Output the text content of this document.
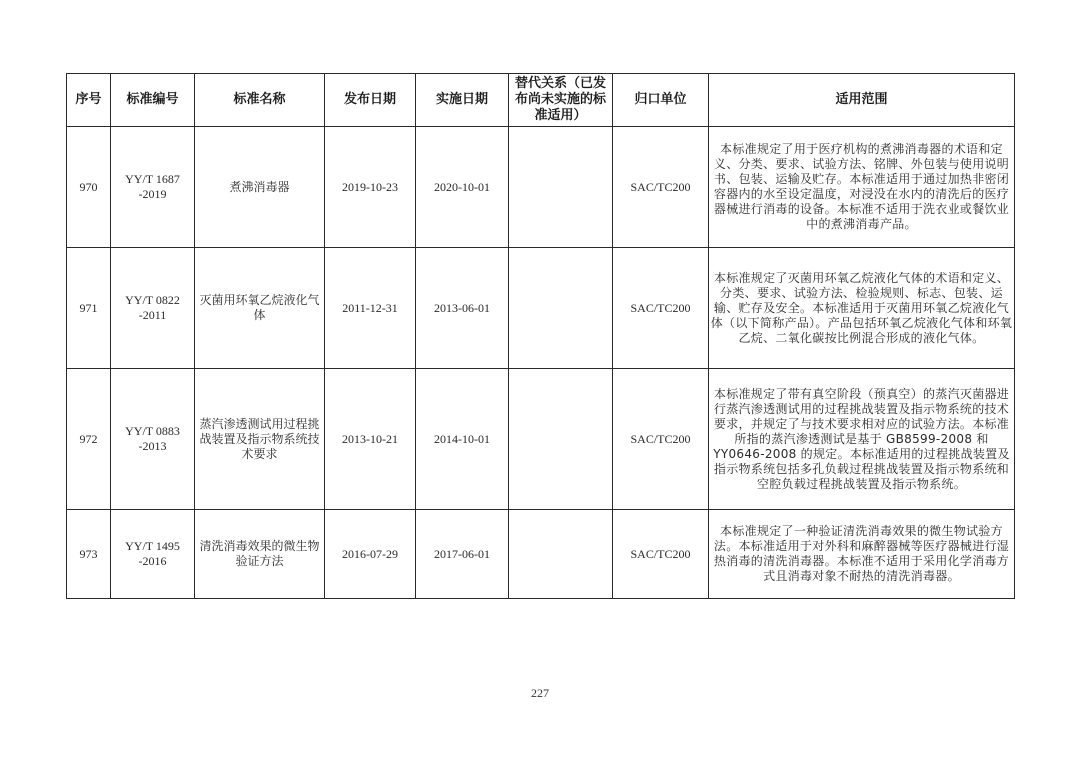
序号	标准编号	标准名称	发布日期	实施日期	替代关系（已发布尚未实施的标准适用）	归口单位	适用范围
970	YY/T 1687 -2019	煮沸消毒器	2019-10-23	2020-10-01		SAC/TC200	本标准规定了用于医疗机构的煮沸消毒器的术语和定义、分类、要求、试验方法、铭牌、外包装与使用说明书、包装、运输及贮存。本标准适用于通过加热非密闭容器内的水至设定温度，对浸没在水内的清洗后的医疗器械进行消毒的设备。本标准不适用于洗衣业或餐饮业中的煮沸消毒产品。
971	YY/T 0822 -2011	灭菌用环氧乙烷液化气体	2011-12-31	2013-06-01		SAC/TC200	本标准规定了灭菌用环氧乙烷液化气体的术语和定义、分类、要求、试验方法、检验规则、标志、包装、运输、贮存及安全。本标准适用于灭菌用环氧乙烷液化气体（以下简称产品）。产品包括环氧乙烷液化气体和环氧乙烷、二氧化碳按比例混合形成的液化气体。
972	YY/T 0883 -2013	蒸汽渗透测试用过程挑战装置及指示物系统技术要求	2013-10-21	2014-10-01		SAC/TC200	本标准规定了带有真空阶段（预真空）的蒸汽灭菌器进行蒸汽渗透测试用的过程挑战装置及指示物系统的技术要求，并规定了与技术要求相对应的试验方法。本标准所指的蒸汽渗透测试是基于 GB8599-2008 和 YY0646-2008 的规定。本标准适用的过程挑战装置及指示物系统包括多孔负载过程挑战装置及指示物系统和空腔负载过程挑战装置及指示物系统。
973	YY/T 1495 -2016	清洗消毒效果的微生物验证方法	2016-07-29	2017-06-01		SAC/TC200	本标准规定了一种验证清洗消毒效果的微生物试验方法。本标准适用于对外科和麻醉器械等医疗器械进行湿热消毒的清洗消毒器。本标准不适用于采用化学消毒方式且消毒对象不耐热的清洗消毒器。
227
